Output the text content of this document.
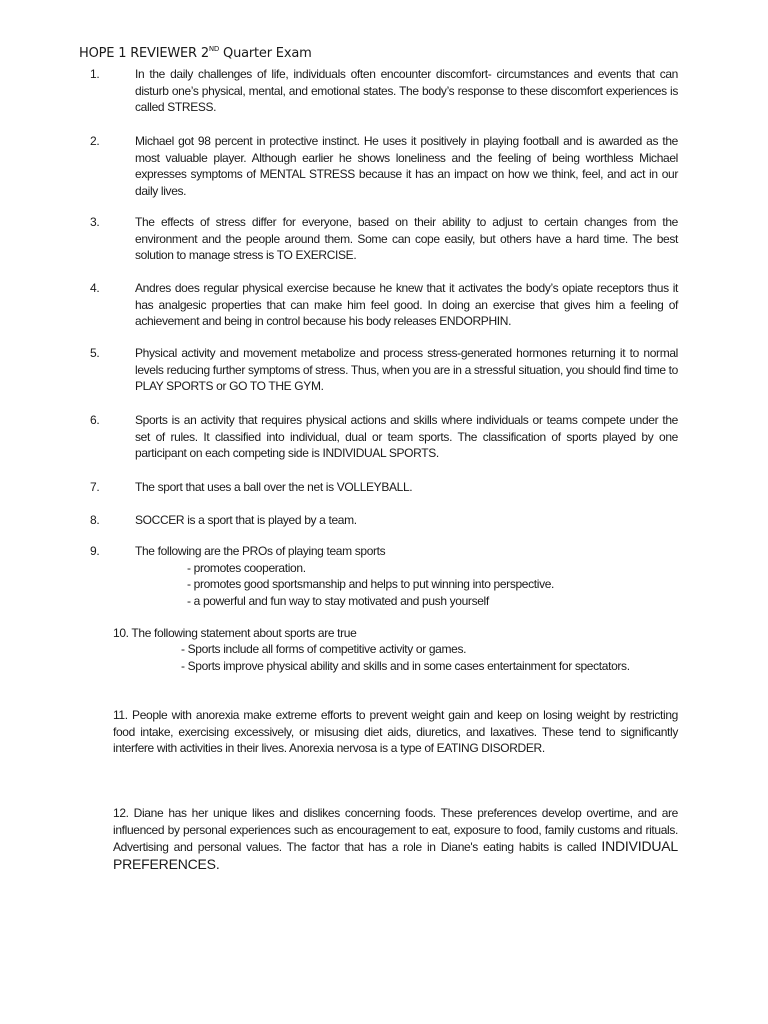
HOPE 1 REVIEWER 2ND Quarter Exam
1.	In the daily challenges of life, individuals often encounter discomfort- circumstances and events that can disturb one’s physical, mental, and emotional states. The body’s response to these discomfort experiences is called STRESS.
2.	Michael got 98 percent in protective instinct. He uses it positively in playing football and is awarded as the most valuable player. Although earlier he shows loneliness and the feeling of being worthless Michael expresses symptoms of MENTAL STRESS because it has an impact on how we think, feel, and act in our daily lives.
3.	The effects of stress differ for everyone, based on their ability to adjust to certain changes from the environment and the people around them. Some can cope easily, but others have a hard time. The best solution to manage stress is TO EXERCISE.
4.	Andres does regular physical exercise because he knew that it activates the body’s opiate receptors thus it has analgesic properties that can make him feel good. In doing an exercise that gives him a feeling of achievement and being in control because his body releases ENDORPHIN.
5.	Physical activity and movement metabolize and process stress-generated hormones returning it to normal levels reducing further symptoms of stress. Thus, when you are in a stressful situation, you should find time to PLAY SPORTS or GO TO THE GYM.
6.	Sports is an activity that requires physical actions and skills where individuals or teams compete under the set of rules. It classified into individual, dual or team sports. The classification of sports played by one participant on each competing side is INDIVIDUAL SPORTS.
7.	The sport that uses a ball over the net is VOLLEYBALL.
8.	SOCCER is a sport that is played by a team.
9.	The following are the PROs of playing team sports
- promotes cooperation.
- promotes good sportsmanship and helps to put winning into perspective.
- a powerful and fun way to stay motivated and push yourself
10. The following statement about sports are true
- Sports include all forms of competitive activity or games.
- Sports improve physical ability and skills and in some cases entertainment for spectators.
11. People with anorexia make extreme efforts to prevent weight gain and keep on losing weight by restricting food intake, exercising excessively, or misusing diet aids, diuretics, and laxatives. These tend to significantly interfere with activities in their lives. Anorexia nervosa is a type of EATING DISORDER.
12. Diane has her unique likes and dislikes concerning foods. These preferences develop overtime, and are influenced by personal experiences such as encouragement to eat, exposure to food, family customs and rituals. Advertising and personal values. The factor that has a role in Diane's eating habits is called INDIVIDUAL PREFERENCES.
